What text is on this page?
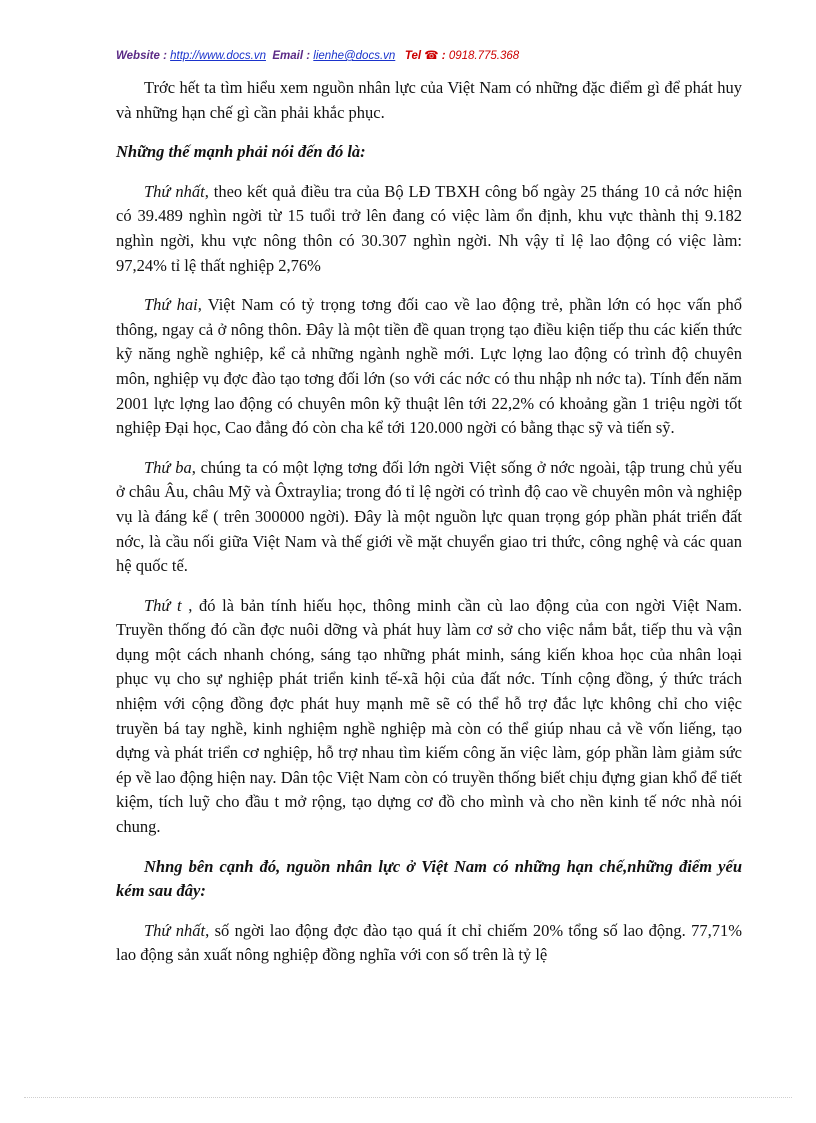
Website : http://www.docs.vn Email : lienhe@docs.vn Tel ☎ : 0918.775.368

Trớc hết ta tìm hiểu xem nguồn nhân lực của Việt Nam có những đặc điểm gì để phát huy và những hạn chế gì cần phải khắc phục.

Những thế mạnh phải nói đến đó là:

Thứ nhất, theo kết quả điều tra của Bộ LĐ TBXH công bố ngày 25 tháng 10 cả nớc hiện có 39.489 nghìn ngời từ 15 tuổi trở lên đang có việc làm ổn định, khu vực thành thị 9.182 nghìn ngời, khu vực nông thôn có 30.307 nghìn ngời. Nh vậy tỉ lệ lao động có việc làm: 97,24% tỉ lệ thất nghiệp 2,76%

Thứ hai, Việt Nam có tỷ trọng tơng đối cao về lao động trẻ, phần lớn có học vấn phổ thông, ngay cả ở nông thôn. Đây là một tiền đề quan trọng tạo điều kiện tiếp thu các kiến thức kỹ năng nghề nghiệp, kể cả những ngành nghề mới. Lực lợng lao động có trình độ chuyên môn, nghiệp vụ đợc đào tạo tơng đối lớn (so với các nớc có thu nhập nh nớc ta). Tính đến năm 2001 lực lợng lao động có chuyên môn kỹ thuật lên tới 22,2% có khoảng gần 1 triệu ngời tốt nghiệp Đại học, Cao đẳng đó còn cha kể tới 120.000 ngời có bằng thạc sỹ và tiến sỹ.

Thứ ba, chúng ta có một lợng tơng đối lớn ngời Việt sống ở nớc ngoài, tập trung chủ yếu ở châu Âu, châu Mỹ và Ôxtraylia; trong đó tỉ lệ ngời có trình độ cao về chuyên môn và nghiệp vụ là đáng kể ( trên 300000 ngời). Đây là một nguồn lực quan trọng góp phần phát triển đất nớc, là cầu nối giữa Việt Nam và thế giới về mặt chuyển giao tri thức, công nghệ và các quan hệ quốc tế.

Thứ t , đó là bản tính hiếu học, thông minh cần cù lao động của con ngời Việt Nam. Truyền thống đó cần đợc nuôi dỡng và phát huy làm cơ sở cho việc nắm bắt, tiếp thu và vận dụng một cách nhanh chóng, sáng tạo những phát minh, sáng kiến khoa học của nhân loại phục vụ cho sự nghiệp phát triển kinh tế-xã hội của đất nớc. Tính cộng đồng, ý thức trách nhiệm với cộng đồng đợc phát huy mạnh mẽ sẽ có thể hỗ trợ đắc lực không chỉ cho việc truyền bá tay nghề, kinh nghiệm nghề nghiệp mà còn có thể giúp nhau cả về vốn liếng, tạo dựng và phát triển cơ nghiệp, hỗ trợ nhau tìm kiếm công ăn việc làm, góp phần làm giảm sức ép về lao động hiện nay. Dân tộc Việt Nam còn có truyền thống biết chịu đựng gian khổ để tiết kiệm, tích luỹ cho đầu t mở rộng, tạo dựng cơ đồ cho mình và cho nền kinh tế nớc nhà nói chung.

Nhng bên cạnh đó, nguồn nhân lực ở Việt Nam có những hạn chế,những điểm yếu kém sau đây:

Thứ nhất, số ngời lao động đợc đào tạo quá ít chỉ chiếm 20% tổng số lao động. 77,71% lao động sản xuất nông nghiệp đồng nghĩa với con số trên là tỷ lệ
